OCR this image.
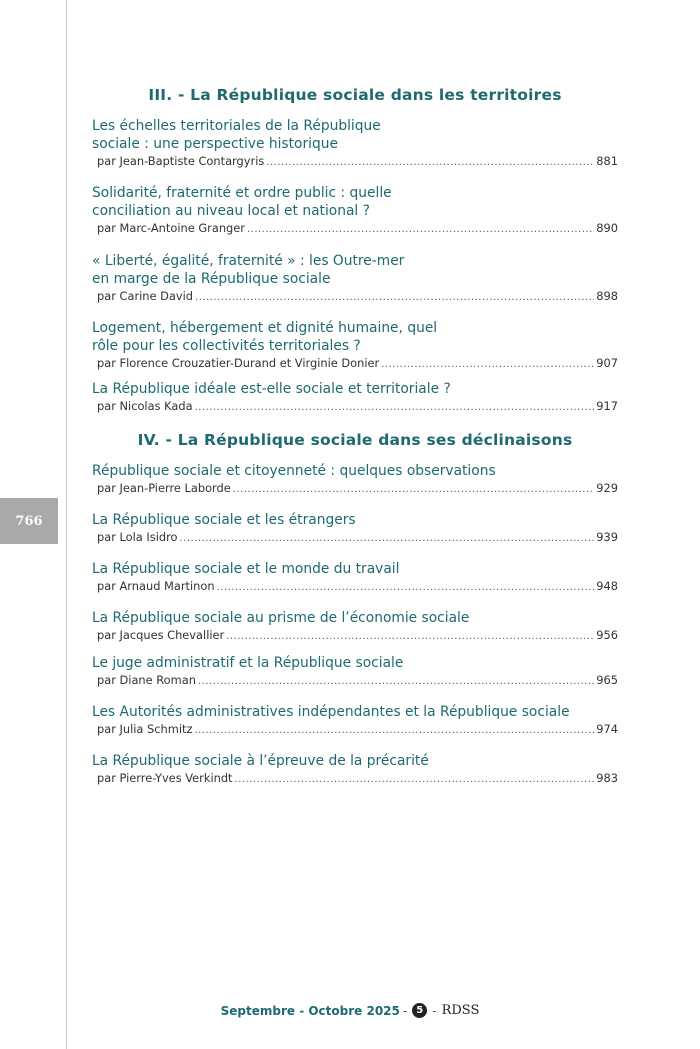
766
III. - La République sociale dans les territoires
Les échelles territoriales de la République
sociale : une perspective historique
par Jean-Baptiste Contargyris .....	881
Solidarité, fraternité et ordre public : quelle
conciliation au niveau local et national ?
par Marc-Antoine Granger .....	890
« Liberté, égalité, fraternité » : les Outre-mer
en marge de la République sociale
par Carine David .....	898
Logement, hébergement et dignité humaine, quel
rôle pour les collectivités territoriales ?
par Florence Crouzatier-Durand et Virginie Donier .....	907
La République idéale est-elle sociale et territoriale ?
par Nicolas Kada .....	917
IV. - La République sociale dans ses déclinaisons
République sociale et citoyenneté : quelques observations
par Jean-Pierre Laborde .....	929
La République sociale et les étrangers
par Lola Isidro .....	939
La République sociale et le monde du travail
par Arnaud Martinon .....	948
La République sociale au prisme de l’économie sociale
par Jacques Chevallier .....	956
Le juge administratif et la République sociale
par Diane Roman .....	965
Les Autorités administratives indépendantes et la République sociale
par Julia Schmitz .....	974
La République sociale à l’épreuve de la précarité
par Pierre-Yves Verkindt .....	983
Septembre - Octobre 2025 - 5 - RDSS
